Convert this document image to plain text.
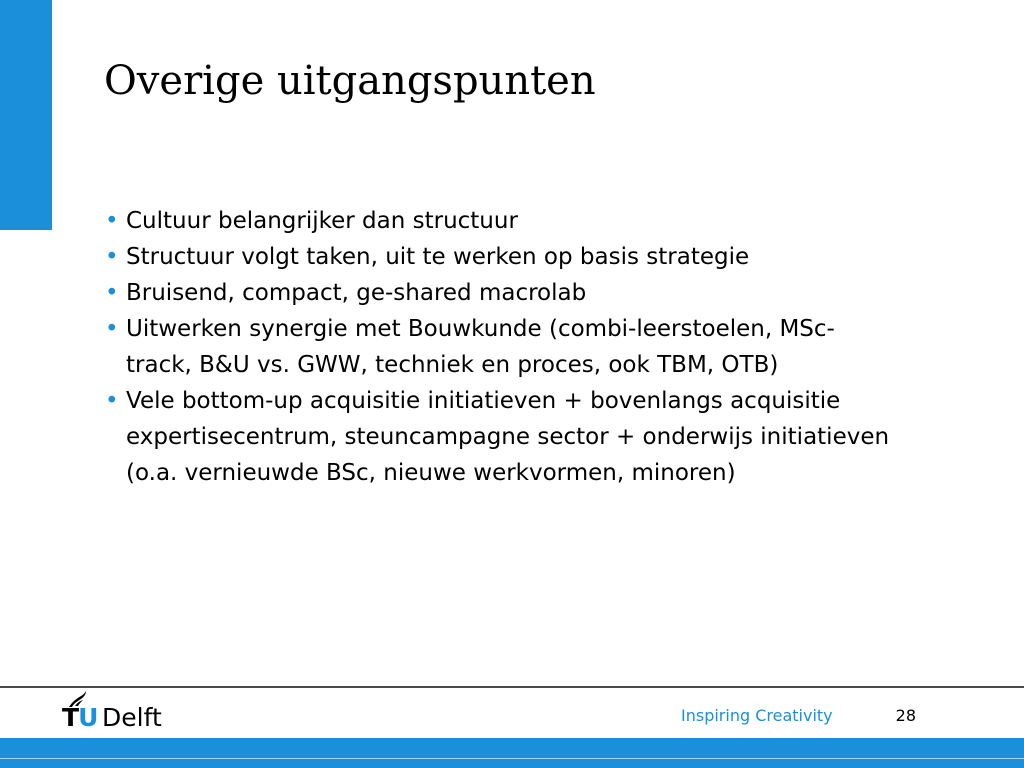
Overige uitgangspunten
• Cultuur belangrijker dan structuur
• Structuur volgt taken, uit te werken op basis strategie
• Bruisend, compact, ge-shared macrolab
• Uitwerken synergie met Bouwkunde (combi-leerstoelen, MSc-
track, B&U vs. GWW, techniek en proces, ook TBM, OTB)
• Vele bottom-up acquisitie initiatieven + bovenlangs acquisitie
expertisecentrum, steuncampagne sector + onderwijs initiatieven
(o.a. vernieuwde BSc, nieuwe werkvormen, minoren)
TU Delft	Inspiring Creativity	28
